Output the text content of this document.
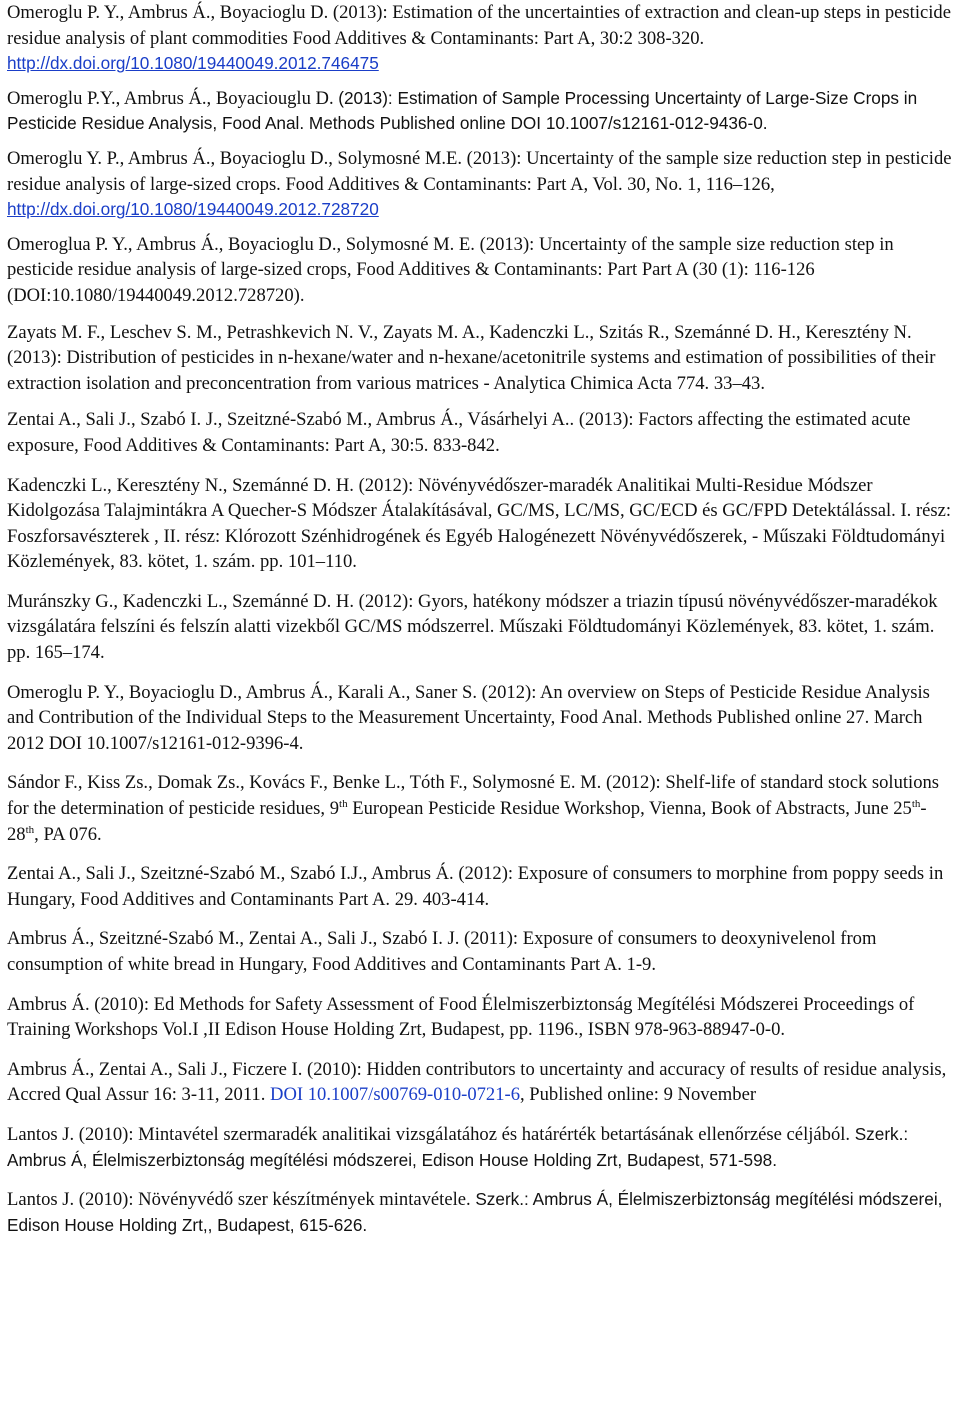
Omeroglu P. Y., Ambrus Á., Boyacioglu D. (2013): Estimation of the uncertainties of extraction and clean-up steps in pesticide residue analysis of plant commodities Food Additives & Contaminants: Part A, 30:2 308-320. http://dx.doi.org/10.1080/19440049.2012.746475

Omeroglu P.Y., Ambrus Á., Boyaciouglu D. (2013): Estimation of Sample Processing Uncertainty of Large-Size Crops in Pesticide Residue Analysis, Food Anal. Methods Published online DOI 10.1007/s12161-012-9436-0.

Omeroglu Y. P., Ambrus Á., Boyacioglu D., Solymosné M.E. (2013): Uncertainty of the sample size reduction step in pesticide residue analysis of large-sized crops. Food Additives & Contaminants: Part A, Vol. 30, No. 1, 116–126, http://dx.doi.org/10.1080/19440049.2012.728720

Omeroglua P. Y., Ambrus Á., Boyacioglu D., Solymosné M. E. (2013): Uncertainty of the sample size reduction step in pesticide residue analysis of large-sized crops, Food Additives & Contaminants: Part Part A (30 (1): 116-126 (DOI:10.1080/19440049.2012.728720).

Zayats M. F., Leschev S. M., Petrashkevich N. V., Zayats M. A., Kadenczki L., Szitás R., Szemánné D. H., Keresztény N. (2013): Distribution of pesticides in n-hexane/water and n-hexane/acetonitrile systems and estimation of possibilities of their extraction isolation and preconcentration from various matrices - Analytica Chimica Acta 774. 33–43.

Zentai A., Sali J., Szabó I. J., Szeitzné-Szabó M., Ambrus Á., Vásárhelyi A.. (2013): Factors affecting the estimated acute exposure, Food Additives & Contaminants: Part A, 30:5. 833-842.

Kadenczki L., Keresztény N., Szemánné D. H. (2012): Növényvédőszer-maradék Analitikai Multi-Residue Módszer Kidolgozása Talajmintákra A Quecher-S Módszer Átalakításával, GC/MS, LC/MS, GC/ECD és GC/FPD Detektálással. I. rész: Foszforsavészterek , II. rész: Klórozott Szénhidrogének és Egyéb Halogénezett Növényvédőszerek, - Műszaki Földtudományi Közlemények, 83. kötet, 1. szám. pp. 101–110.

Muránszky G., Kadenczki L., Szemánné D. H. (2012): Gyors, hatékony módszer a triazin típusú növényvédőszer-maradékok vizsgálatára felszíni és felszín alatti vizekből GC/MS módszerrel. Műszaki Földtudományi Közlemények, 83. kötet, 1. szám. pp. 165–174.

Omeroglu P. Y., Boyacioglu D., Ambrus Á., Karali A., Saner S. (2012): An overview on Steps of Pesticide Residue Analysis and Contribution of the Individual Steps to the Measurement Uncertainty, Food Anal. Methods Published online 27. March 2012 DOI 10.1007/s12161-012-9396-4.

Sándor F., Kiss Zs., Domak Zs., Kovács F., Benke L., Tóth F., Solymosné E. M. (2012): Shelf-life of standard stock solutions for the determination of pesticide residues, 9th European Pesticide Residue Workshop, Vienna, Book of Abstracts, June 25th-28th, PA 076.

Zentai A., Sali J., Szeitzné-Szabó M., Szabó I.J., Ambrus Á. (2012): Exposure of consumers to morphine from poppy seeds in Hungary, Food Additives and Contaminants Part A. 29. 403-414.

Ambrus Á., Szeitzné-Szabó M., Zentai A., Sali J., Szabó I. J. (2011): Exposure of consumers to deoxynivelenol from consumption of white bread in Hungary, Food Additives and Contaminants Part A. 1-9.

Ambrus Á. (2010): Ed Methods for Safety Assessment of Food Élelmiszerbiztonság Megítélési Módszerei Proceedings of Training Workshops Vol.I ,II Edison House Holding Zrt, Budapest, pp. 1196., ISBN 978-963-88947-0-0.

Ambrus Á., Zentai A., Sali J., Ficzere I. (2010): Hidden contributors to uncertainty and accuracy of results of residue analysis, Accred Qual Assur 16: 3-11, 2011. DOI 10.1007/s00769-010-0721-6, Published online: 9 November

Lantos J. (2010): Mintavétel szermaradék analitikai vizsgálatához és határérték betartásának ellenőrzése céljából. Szerk.: Ambrus Á, Élelmiszerbiztonság megítélési módszerei, Edison House Holding Zrt, Budapest, 571-598.

Lantos J. (2010): Növényvédő szer készítmények mintavétele. Szerk.: Ambrus Á, Élelmiszerbiztonság megítélési módszerei, Edison House Holding Zrt,, Budapest, 615-626.
